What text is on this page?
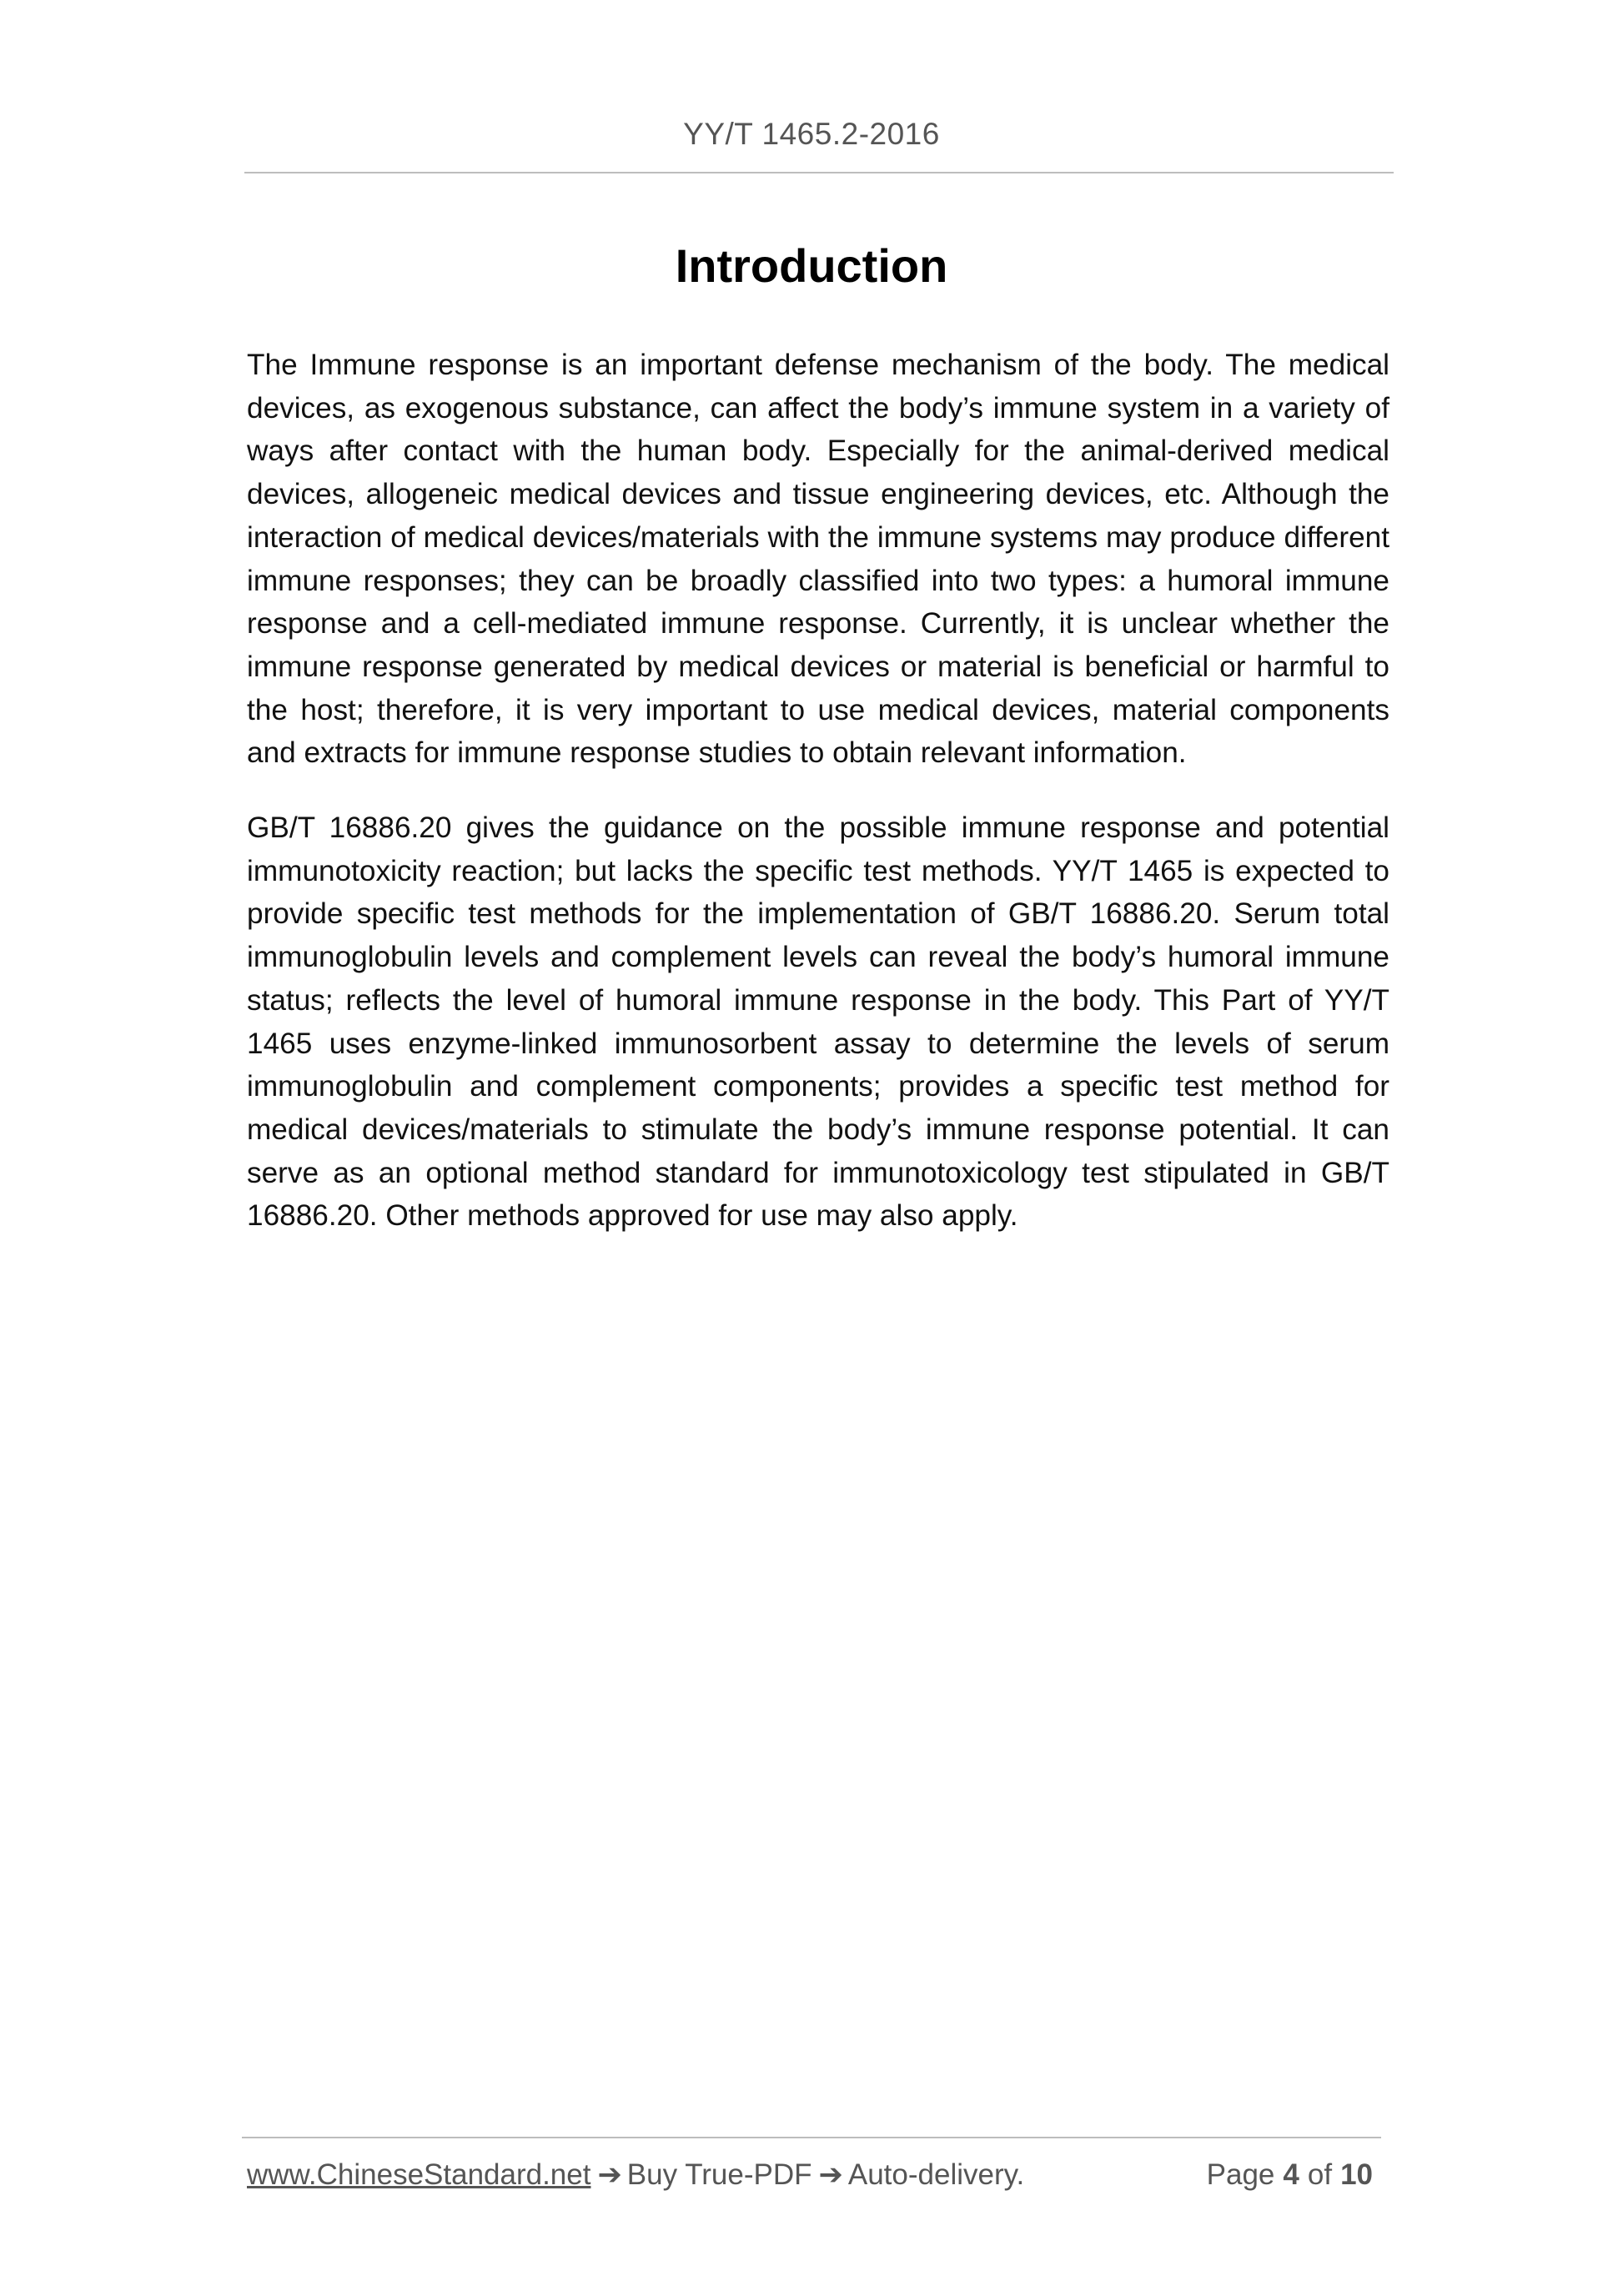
YY/T 1465.2-2016
Introduction

The Immune response is an important defense mechanism of the body. The medical devices, as exogenous substance, can affect the body’s immune system in a variety of ways after contact with the human body. Especially for the animal-derived medical devices, allogeneic medical devices and tissue engineering devices, etc. Although the interaction of medical devices/materials with the immune systems may produce different immune responses; they can be broadly classified into two types: a humoral immune response and a cell-mediated immune response. Currently, it is unclear whether the immune response generated by medical devices or material is beneficial or harmful to the host; therefore, it is very important to use medical devices, material components and extracts for immune response studies to obtain relevant information.

GB/T 16886.20 gives the guidance on the possible immune response and potential immunotoxicity reaction; but lacks the specific test methods. YY/T 1465 is expected to provide specific test methods for the implementation of GB/T 16886.20. Serum total immunoglobulin levels and complement levels can reveal the body’s humoral immune status; reflects the level of humoral immune response in the body. This Part of YY/T 1465 uses enzyme-linked immunosorbent assay to determine the levels of serum immunoglobulin and complement components; provides a specific test method for medical devices/materials to stimulate the body’s immune response potential. It can serve as an optional method standard for immunotoxicology test stipulated in GB/T 16886.20. Other methods approved for use may also apply.

www.ChineseStandard.net ➔ Buy True-PDF ➔ Auto-delivery.	Page 4 of 10
